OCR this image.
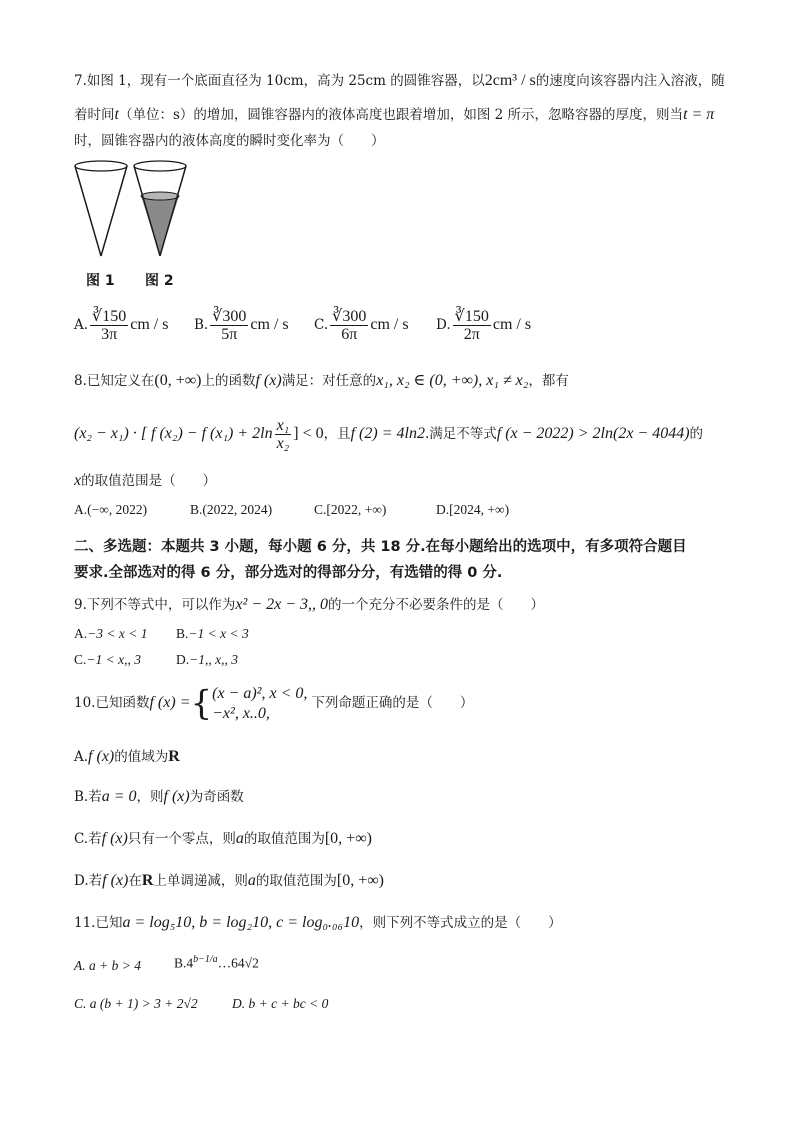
7.如图 1，现有一个底面直径为 10cm，高为 25cm 的圆锥容器，以2cm³ / s的速度向该容器内注入溶液，随
着时间t（单位：s）的增加，圆锥容器内的液体高度也跟着增加，如图 2 所示，忽略容器的厚度，则当t = π
时，圆锥容器内的液体高度的瞬时变化率为（　　）
图 1 图 2
A. $\frac{∛150}{3\pi}$ cm / s B. $\frac{∛300}{5\pi}$ cm / s C. $\frac{∛300}{6\pi}$ cm / s D. $\frac{∛150}{2\pi}$ cm / s
8.已知定义在(0, +∞)上的函数f (x)满足：对任意的x₁, x₂ ∈ (0, +∞), x₁ ≠ x₂，都有
(x₂ − x₁) · [ f (x₂) − f $(x_1) + 2\ln \frac{\text{x₁}}{\text{x₂}}$ ] < 0，且f (2) = 4ln2.满足不等式f (x − 2022) > 2ln(2x − 4044)的
x的取值范围是（　　）
A.(−∞, 2022)	B.(2022, 2024)	C.[2022, +∞)	D.[2024, +∞)
二、多选题：本题共 3 小题，每小题 6 分，共 18 分.在每小题给出的选项中，有多项符合题目
要求.全部选对的得 6 分，部分选对的得部分分，有选错的得 0 分.
9.下列不等式中，可以作为x² − 2x − 3,, 0的一个充分不必要条件的是（　　）
A.−3 < x < 1 B.−1 < x < 3
C.−1 < x,, 3	D.−1,, x,, 3
10.已知函数f (x) ={ (x − a)², x < 0,
−x², x..0,
下列命题正确的是（　　）
A.f (x)的值域为R
B.若a = 0，则f (x)为奇函数
C.若f (x)只有一个零点，则a的取值范围为[0, +∞)
D.若f (x)在R上单调递减，则a的取值范围为[0, +∞)
11.已知a = log₅10, b = log₂10, c = log₀.₀₆10，则下列不等式成立的是（　　）
A. a + b > 4 $B.4^{b-1/a}\dots 64√2$
C. a (b + 1) > 3 + 2√2	D. b + c + bc < 0
